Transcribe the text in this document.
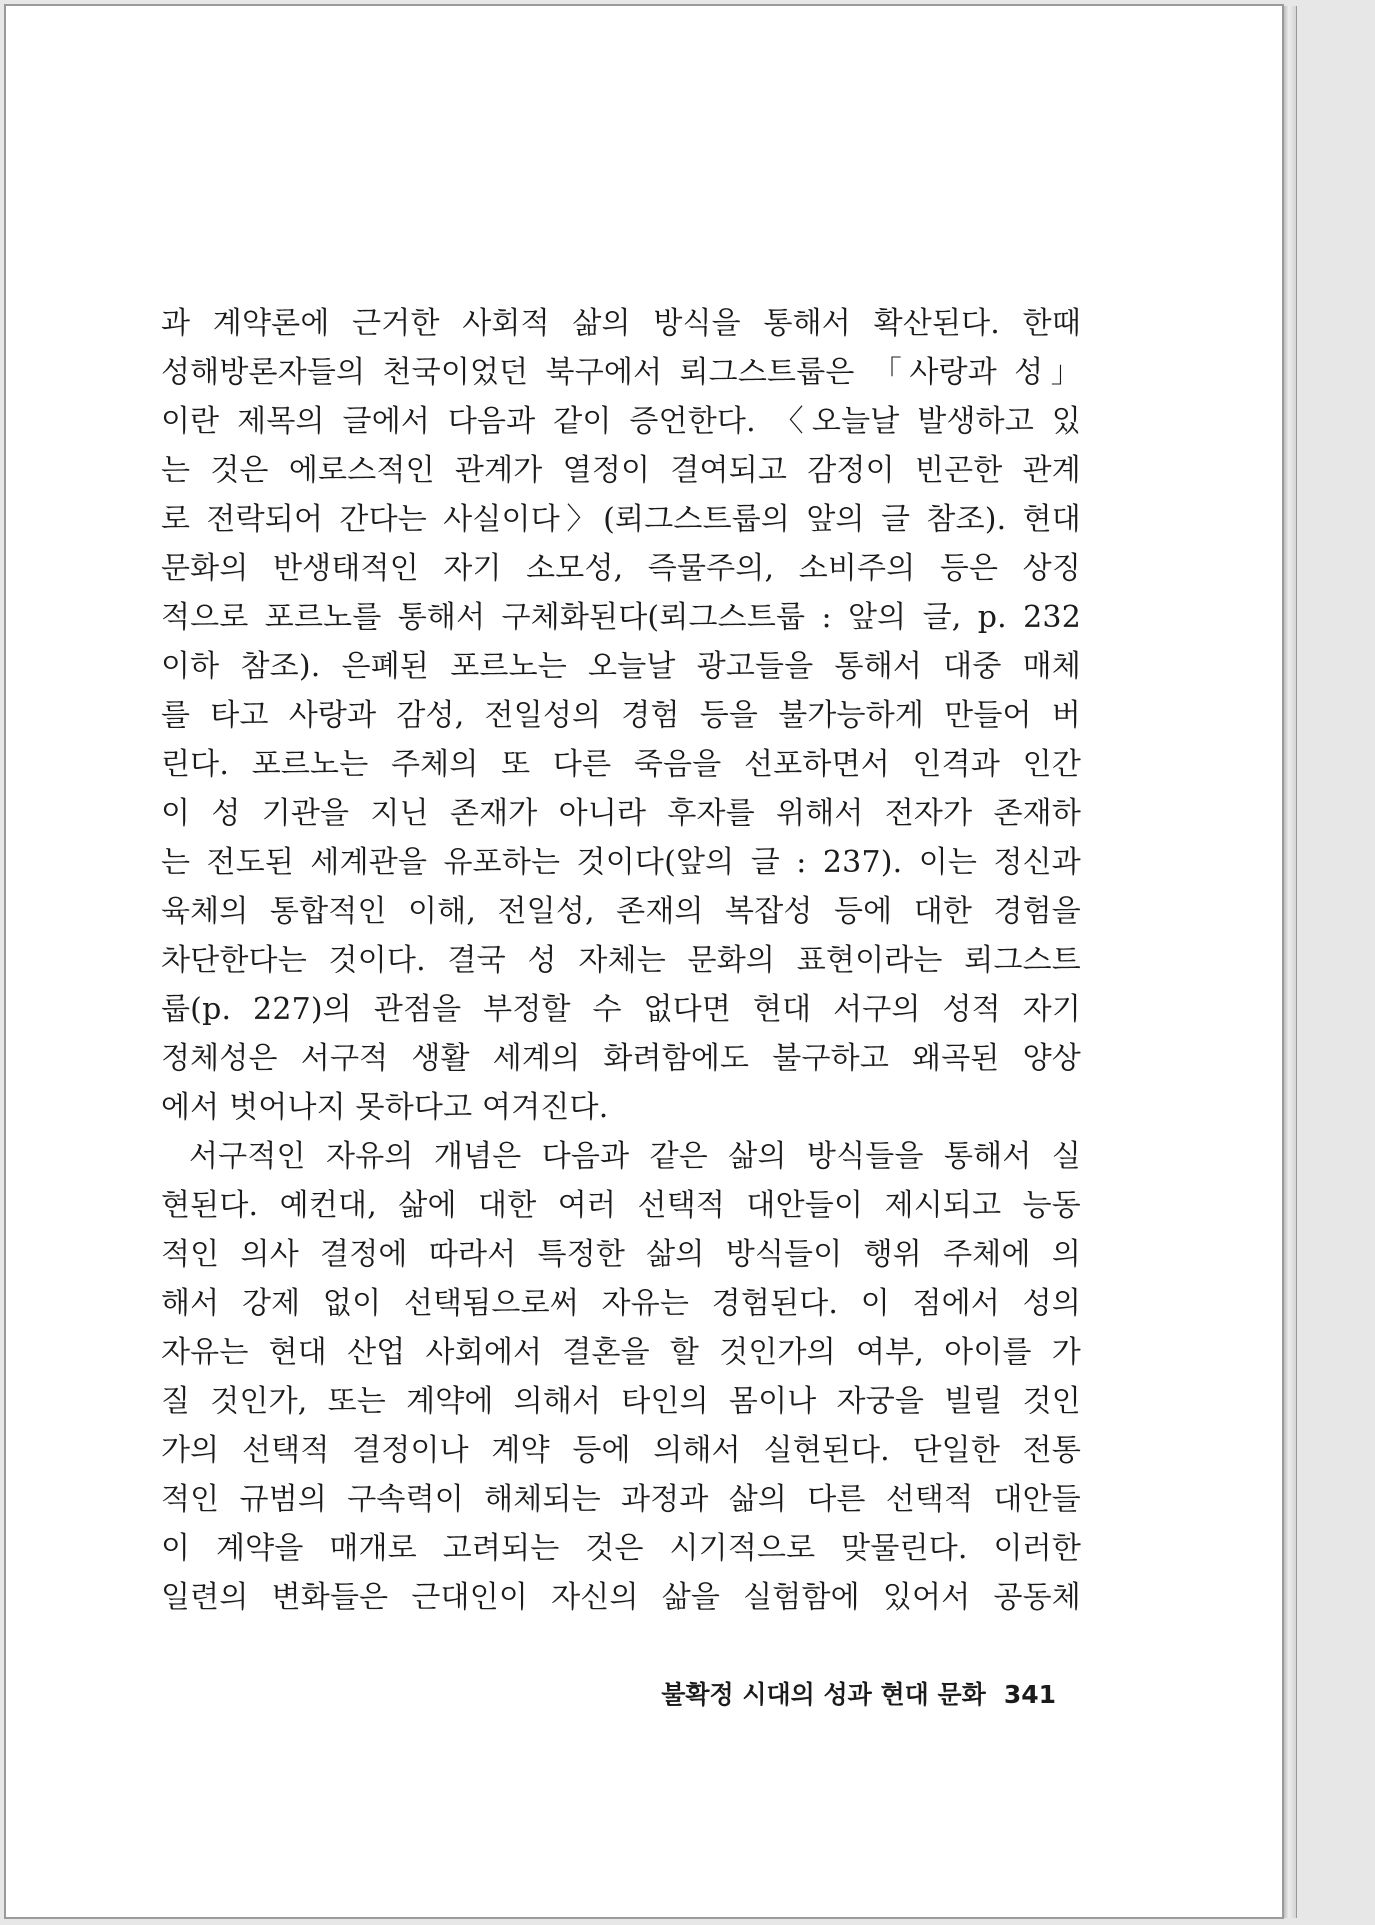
과 계약론에 근거한 사회적 삶의 방식을 통해서 확산된다. 한때
성해방론자들의 천국이었던 북구에서 뢰그스트룹은 「사랑과 성」
이란 제목의 글에서 다음과 같이 증언한다. 〈오늘날 발생하고 있
는 것은 에로스적인 관계가 열정이 결여되고 감정이 빈곤한 관계
로 전락되어 간다는 사실이다〉(뢰그스트룹의 앞의 글 참조). 현대
문화의 반생태적인 자기 소모성, 즉물주의, 소비주의 등은 상징
적으로 포르노를 통해서 구체화된다(뢰그스트룹 : 앞의 글, p. 232
이하 참조). 은폐된 포르노는 오늘날 광고들을 통해서 대중 매체
를 타고 사랑과 감성, 전일성의 경험 등을 불가능하게 만들어 버
린다. 포르노는 주체의 또 다른 죽음을 선포하면서 인격과 인간
이 성 기관을 지닌 존재가 아니라 후자를 위해서 전자가 존재하
는 전도된 세계관을 유포하는 것이다(앞의 글 : 237). 이는 정신과
육체의 통합적인 이해, 전일성, 존재의 복잡성 등에 대한 경험을
차단한다는 것이다. 결국 성 자체는 문화의 표현이라는 뢰그스트
룹(p. 227)의 관점을 부정할 수 없다면 현대 서구의 성적 자기
정체성은 서구적 생활 세계의 화려함에도 불구하고 왜곡된 양상
에서 벗어나지 못하다고 여겨진다.
서구적인 자유의 개념은 다음과 같은 삶의 방식들을 통해서 실
현된다. 예컨대, 삶에 대한 여러 선택적 대안들이 제시되고 능동
적인 의사 결정에 따라서 특정한 삶의 방식들이 행위 주체에 의
해서 강제 없이 선택됨으로써 자유는 경험된다. 이 점에서 성의
자유는 현대 산업 사회에서 결혼을 할 것인가의 여부, 아이를 가
질 것인가, 또는 계약에 의해서 타인의 몸이나 자궁을 빌릴 것인
가의 선택적 결정이나 계약 등에 의해서 실현된다. 단일한 전통
적인 규범의 구속력이 해체되는 과정과 삶의 다른 선택적 대안들
이 계약을 매개로 고려되는 것은 시기적으로 맞물린다. 이러한
일련의 변화들은 근대인이 자신의 삶을 실험함에 있어서 공동체
불확정 시대의 성과 현대 문화 341
